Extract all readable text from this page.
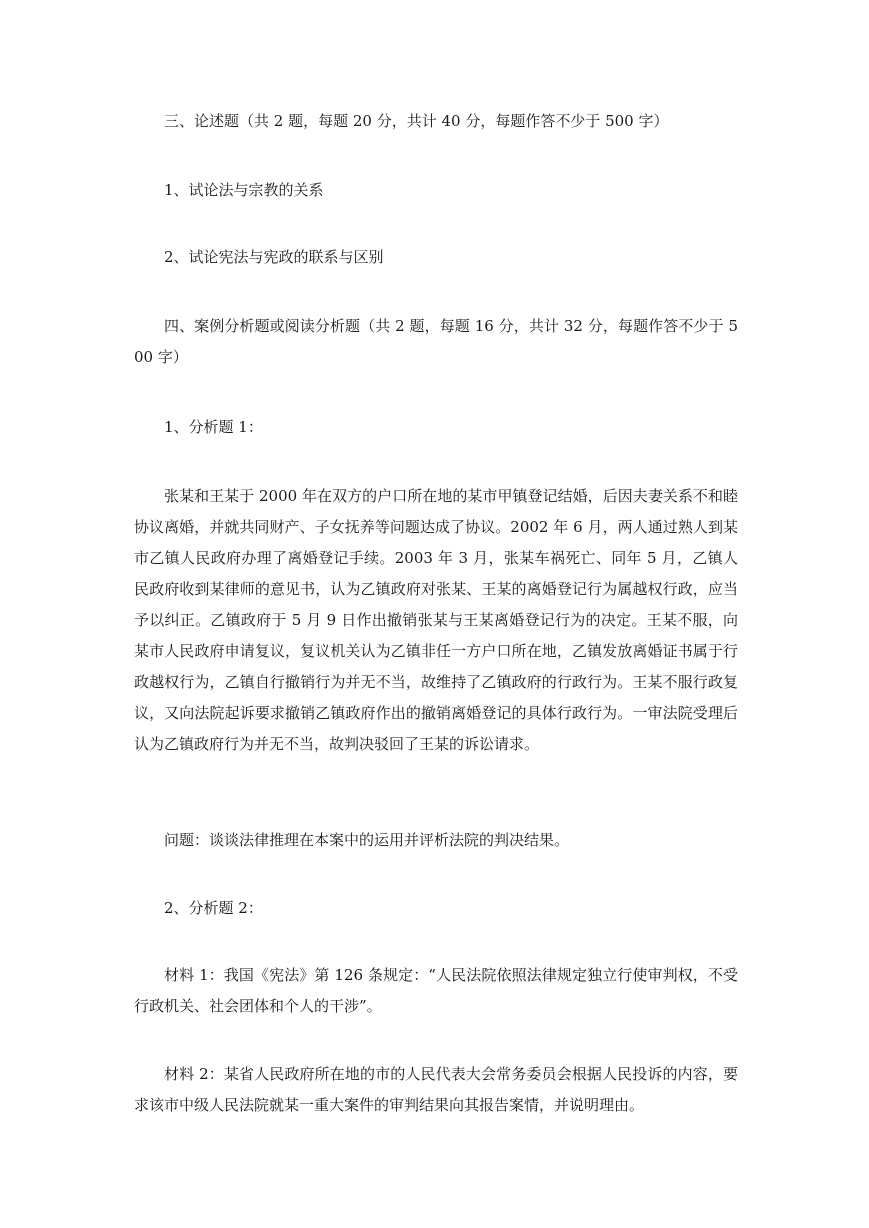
三、论述题（共 2 题，每题 20 分，共计 40 分，每题作答不少于 500 字）

1、试论法与宗教的关系

2、试论宪法与宪政的联系与区别

四、案例分析题或阅读分析题（共 2 题，每题 16 分，共计 32 分，每题作答不少于 500 字）

1、分析题 1：

张某和王某于 2000 年在双方的户口所在地的某市甲镇登记结婚，后因夫妻关系不和睦协议离婚，并就共同财产、子女抚养等问题达成了协议。2002 年 6 月，两人通过熟人到某市乙镇人民政府办理了离婚登记手续。2003 年 3 月，张某车祸死亡、同年 5 月，乙镇人民政府收到某律师的意见书，认为乙镇政府对张某、王某的离婚登记行为属越权行政，应当予以纠正。乙镇政府于 5 月 9 日作出撤销张某与王某离婚登记行为的决定。王某不服，向某市人民政府申请复议，复议机关认为乙镇非任一方户口所在地，乙镇发放离婚证书属于行政越权行为，乙镇自行撤销行为并无不当，故维持了乙镇政府的行政行为。王某不服行政复议，又向法院起诉要求撤销乙镇政府作出的撤销离婚登记的具体行政行为。一审法院受理后认为乙镇政府行为并无不当，故判决驳回了王某的诉讼请求。

问题：谈谈法律推理在本案中的运用并评析法院的判决结果。

2、分析题 2：

材料 1：我国《宪法》第 126 条规定：“人民法院依照法律规定独立行使审判权，不受行政机关、社会团体和个人的干涉”。

材料 2：某省人民政府所在地的市的人民代表大会常务委员会根据人民投诉的内容，要求该市中级人民法院就某一重大案件的审判结果向其报告案情，并说明理由。
